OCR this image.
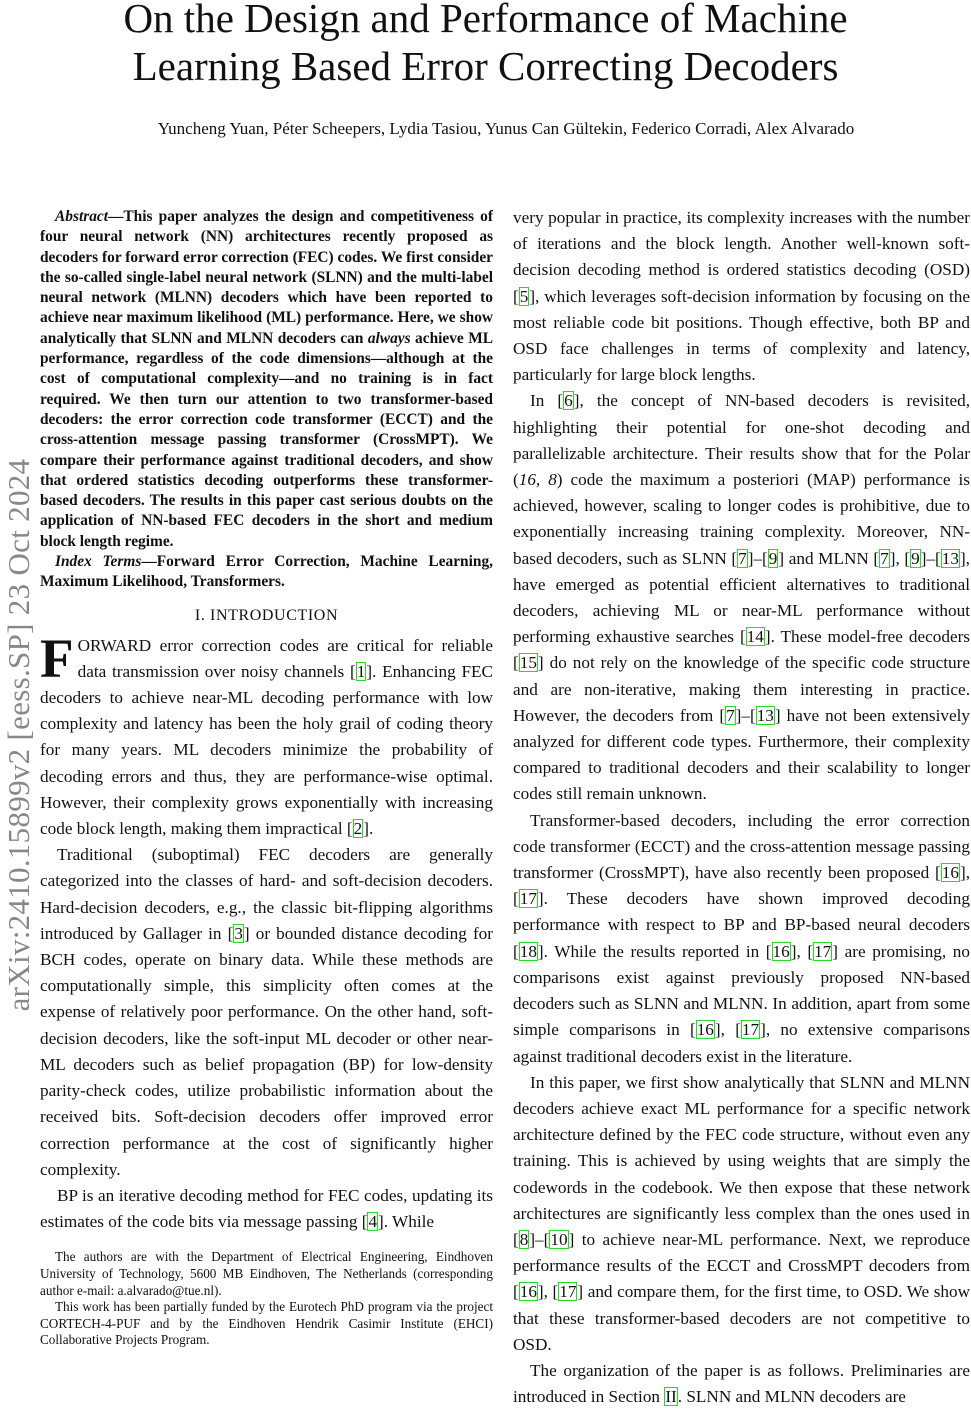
On the Design and Performance of Machine
Learning Based Error Correcting Decoders
Yuncheng Yuan, Péter Scheepers, Lydia Tasiou, Yunus Can Gültekin, Federico Corradi, Alex Alvarado
arXiv:2410.15899v2 [eess.SP] 23 Oct 2024

Abstract—This paper analyzes the design and competitiveness of four neural network (NN) architectures recently proposed as decoders for forward error correction (FEC) codes. We first consider the so-called single-label neural network (SLNN) and the multi-label neural network (MLNN) decoders which have been reported to achieve near maximum likelihood (ML) performance. Here, we show analytically that SLNN and MLNN decoders can always achieve ML performance, regardless of the code dimensions—although at the cost of computational complexity—and no training is in fact required. We then turn our attention to two transformer-based decoders: the error correction code transformer (ECCT) and the cross-attention message passing transformer (CrossMPT). We compare their performance against traditional decoders, and show that ordered statistics decoding outperforms these transformer-based decoders. The results in this paper cast serious doubts on the application of NN-based FEC decoders in the short and medium block length regime.

Index Terms—Forward Error Correction, Machine Learning, Maximum Likelihood, Transformers.

I. INTRODUCTION

FORWARD error correction codes are critical for reliable data transmission over noisy channels [1]. Enhancing FEC decoders to achieve near-ML decoding performance with low complexity and latency has been the holy grail of coding theory for many years. ML decoders minimize the probability of decoding errors and thus, they are performance-wise optimal. However, their complexity grows exponentially with increasing code block length, making them impractical [2].

Traditional (suboptimal) FEC decoders are generally categorized into the classes of hard- and soft-decision decoders. Hard-decision decoders, e.g., the classic bit-flipping algorithms introduced by Gallager in [3] or bounded distance decoding for BCH codes, operate on binary data. While these methods are computationally simple, this simplicity often comes at the expense of relatively poor performance. On the other hand, soft-decision decoders, like the soft-input ML decoder or other near-ML decoders such as belief propagation (BP) for low-density parity-check codes, utilize probabilistic information about the received bits. Soft-decision decoders offer improved error correction performance at the cost of significantly higher complexity.

BP is an iterative decoding method for FEC codes, updating its estimates of the code bits via message passing [4]. While

The authors are with the Department of Electrical Engineering, Eindhoven University of Technology, 5600 MB Eindhoven, The Netherlands (corresponding author e-mail: a.alvarado@tue.nl).

This work has been partially funded by the Eurotech PhD program via the project CORTECH-4-PUF and by the Eindhoven Hendrik Casimir Institute (EHCI) Collaborative Projects Program.

very popular in practice, its complexity increases with the number of iterations and the block length. Another well-known soft-decision decoding method is ordered statistics decoding (OSD) [5], which leverages soft-decision information by focusing on the most reliable code bit positions. Though effective, both BP and OSD face challenges in terms of complexity and latency, particularly for large block lengths.

In [6], the concept of NN-based decoders is revisited, highlighting their potential for one-shot decoding and parallelizable architecture. Their results show that for the Polar (16, 8) code the maximum a posteriori (MAP) performance is achieved, however, scaling to longer codes is prohibitive, due to exponentially increasing training complexity. Moreover, NN-based decoders, such as SLNN [7]–[9] and MLNN [7], [9]–[13], have emerged as potential efficient alternatives to traditional decoders, achieving ML or near-ML performance without performing exhaustive searches [14]. These model-free decoders [15] do not rely on the knowledge of the specific code structure and are non-iterative, making them interesting in practice. However, the decoders from [7]–[13] have not been extensively analyzed for different code types. Furthermore, their complexity compared to traditional decoders and their scalability to longer codes still remain unknown.

Transformer-based decoders, including the error correction code transformer (ECCT) and the cross-attention message passing transformer (CrossMPT), have also recently been proposed [16], [17]. These decoders have shown improved decoding performance with respect to BP and BP-based neural decoders [18]. While the results reported in [16], [17] are promising, no comparisons exist against previously proposed NN-based decoders such as SLNN and MLNN. In addition, apart from some simple comparisons in [16], [17], no extensive comparisons against traditional decoders exist in the literature.

In this paper, we first show analytically that SLNN and MLNN decoders achieve exact ML performance for a specific network architecture defined by the FEC code structure, without even any training. This is achieved by using weights that are simply the codewords in the codebook. We then expose that these network architectures are significantly less complex than the ones used in [8]–[10] to achieve near-ML performance. Next, we reproduce performance results of the ECCT and CrossMPT decoders from [16], [17] and compare them, for the first time, to OSD. We show that these transformer-based decoders are not competitive to OSD.

The organization of the paper is as follows. Preliminaries are introduced in Section II. SLNN and MLNN decoders are
